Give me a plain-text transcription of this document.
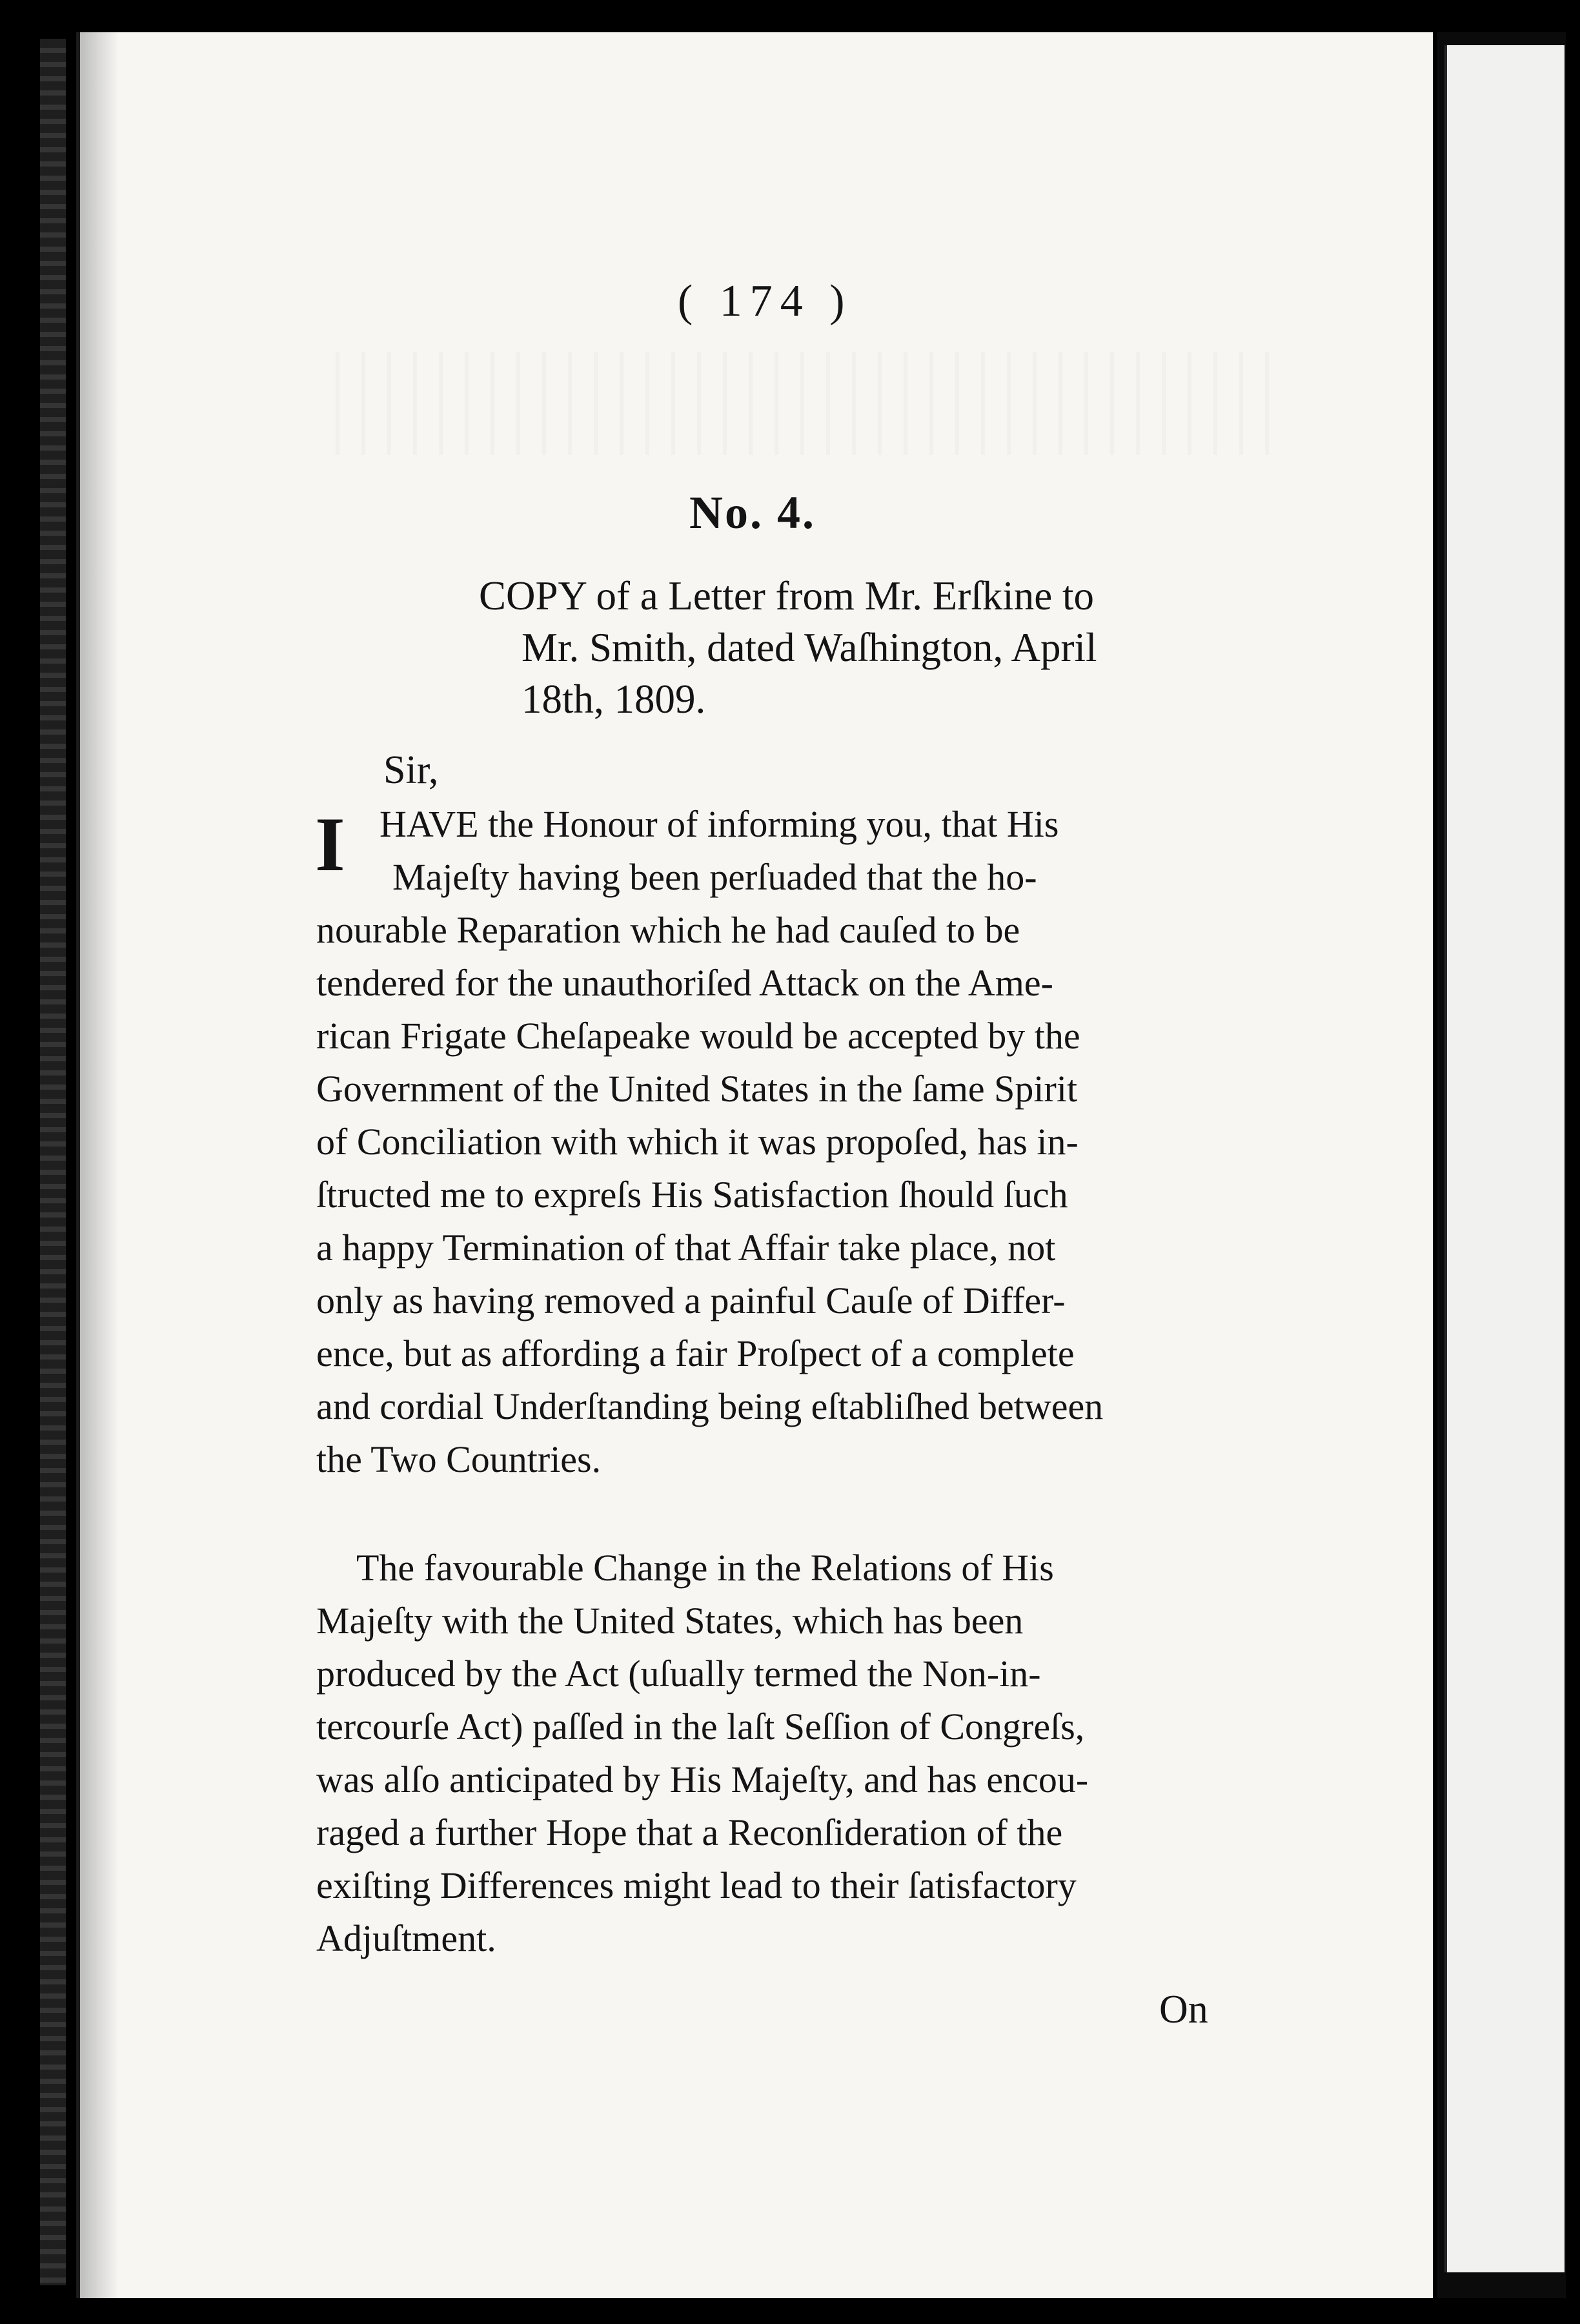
( 174 )
No. 4.
COPY of a Letter from Mr. Erſkine to
Mr. Smith, dated Waſhington, April
18th, 1809.
Sir,
I HAVE the Honour of informing you, that His
Majeſty having been perſuaded that the ho-
nourable Reparation which he had cauſed to be
tendered for the unauthoriſed Attack on the Ame-
rican Frigate Cheſapeake would be accepted by the
Government of the United States in the ſame Spirit
of Conciliation with which it was propoſed, has in-
ſtructed me to expreſs His Satisfaction ſhould ſuch
a happy Termination of that Affair take place, not
only as having removed a painful Cauſe of Differ-
ence, but as affording a fair Proſpect of a complete
and cordial Underſtanding being eſtabliſhed between
the Two Countries.
The favourable Change in the Relations of His
Majeſty with the United States, which has been
produced by the Act (uſually termed the Non-in-
tercourſe Act) paſſed in the laſt Seſſion of Congreſs,
was alſo anticipated by His Majeſty, and has encou-
raged a further Hope that a Reconſideration of the
exiſting Differences might lead to their ſatisfactory
Adjuſtment.
On
